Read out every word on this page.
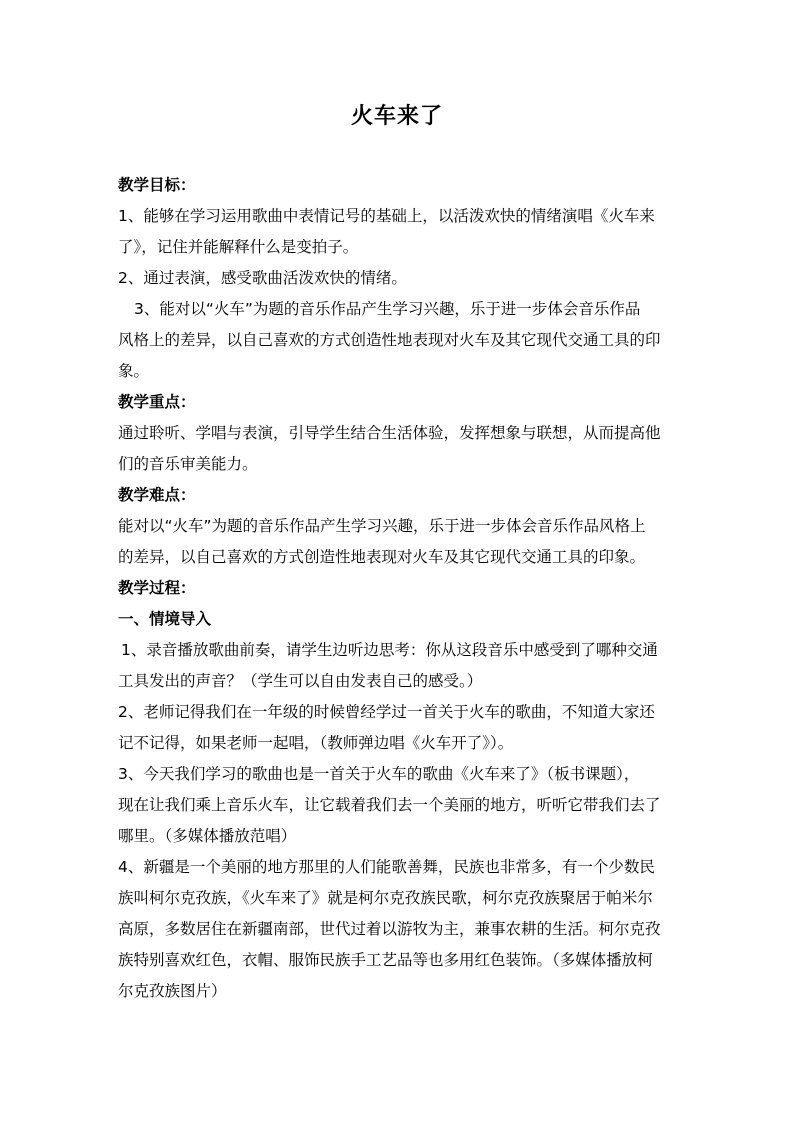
火车来了
教学目标：
1、能够在学习运用歌曲中表情记号的基础上，以活泼欢快的情绪演唱《火车来
了》，记住并能解释什么是变拍子。
2、通过表演，感受歌曲活泼欢快的情绪。
3、能对以“火车”为题的音乐作品产生学习兴趣，乐于进一步体会音乐作品
风格上的差异，以自己喜欢的方式创造性地表现对火车及其它现代交通工具的印
象。
教学重点：
通过聆听、学唱与表演，引导学生结合生活体验，发挥想象与联想，从而提高他
们的音乐审美能力。
教学难点：
能对以“火车”为题的音乐作品产生学习兴趣，乐于进一步体会音乐作品风格上
的差异，以自己喜欢的方式创造性地表现对火车及其它现代交通工具的印象。
教学过程：
一、情境导入
1、录音播放歌曲前奏，请学生边听边思考：你从这段音乐中感受到了哪种交通
工具发出的声音？（学生可以自由发表自己的感受。）
2、老师记得我们在一年级的时候曾经学过一首关于火车的歌曲，不知道大家还
记不记得，如果老师一起唱，（教师弹边唱《火车开了》）。
3、今天我们学习的歌曲也是一首关于火车的歌曲《火车来了》（板书课题），
现在让我们乘上音乐火车，让它载着我们去一个美丽的地方，听听它带我们去了
哪里。（多媒体播放范唱）
4、新疆是一个美丽的地方那里的人们能歌善舞，民族也非常多，有一个少数民
族叫柯尔克孜族，《火车来了》就是柯尔克孜族民歌，柯尔克孜族聚居于帕米尔
高原，多数居住在新疆南部，世代过着以游牧为主，兼事农耕的生活。柯尔克孜
族特别喜欢红色，衣帽、服饰民族手工艺品等也多用红色装饰。（多媒体播放柯
尔克孜族图片）
